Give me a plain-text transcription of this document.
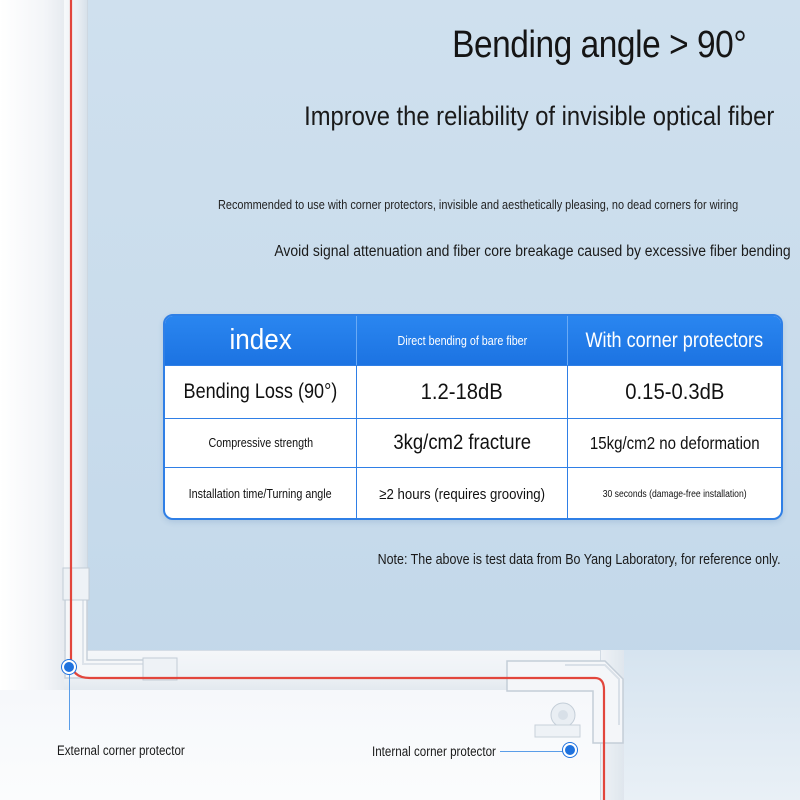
Bending angle > 90°
Improve the reliability of invisible optical fiber
Recommended to use with corner protectors, invisible and aesthetically pleasing, no dead corners for wiring
Avoid signal attenuation and fiber core breakage caused by excessive fiber bending
index	Direct bending of bare fiber	With corner protectors
Bending Loss (90°)	1.2-18dB	0.15-0.3dB
Compressive strength	3kg/cm2 fracture	15kg/cm2 no deformation
Installation time/Turning angle	≥2 hours (requires grooving)	30 seconds (damage-free installation)
Note: The above is test data from Bo Yang Laboratory, for reference only.
External corner protector	Internal corner protector
